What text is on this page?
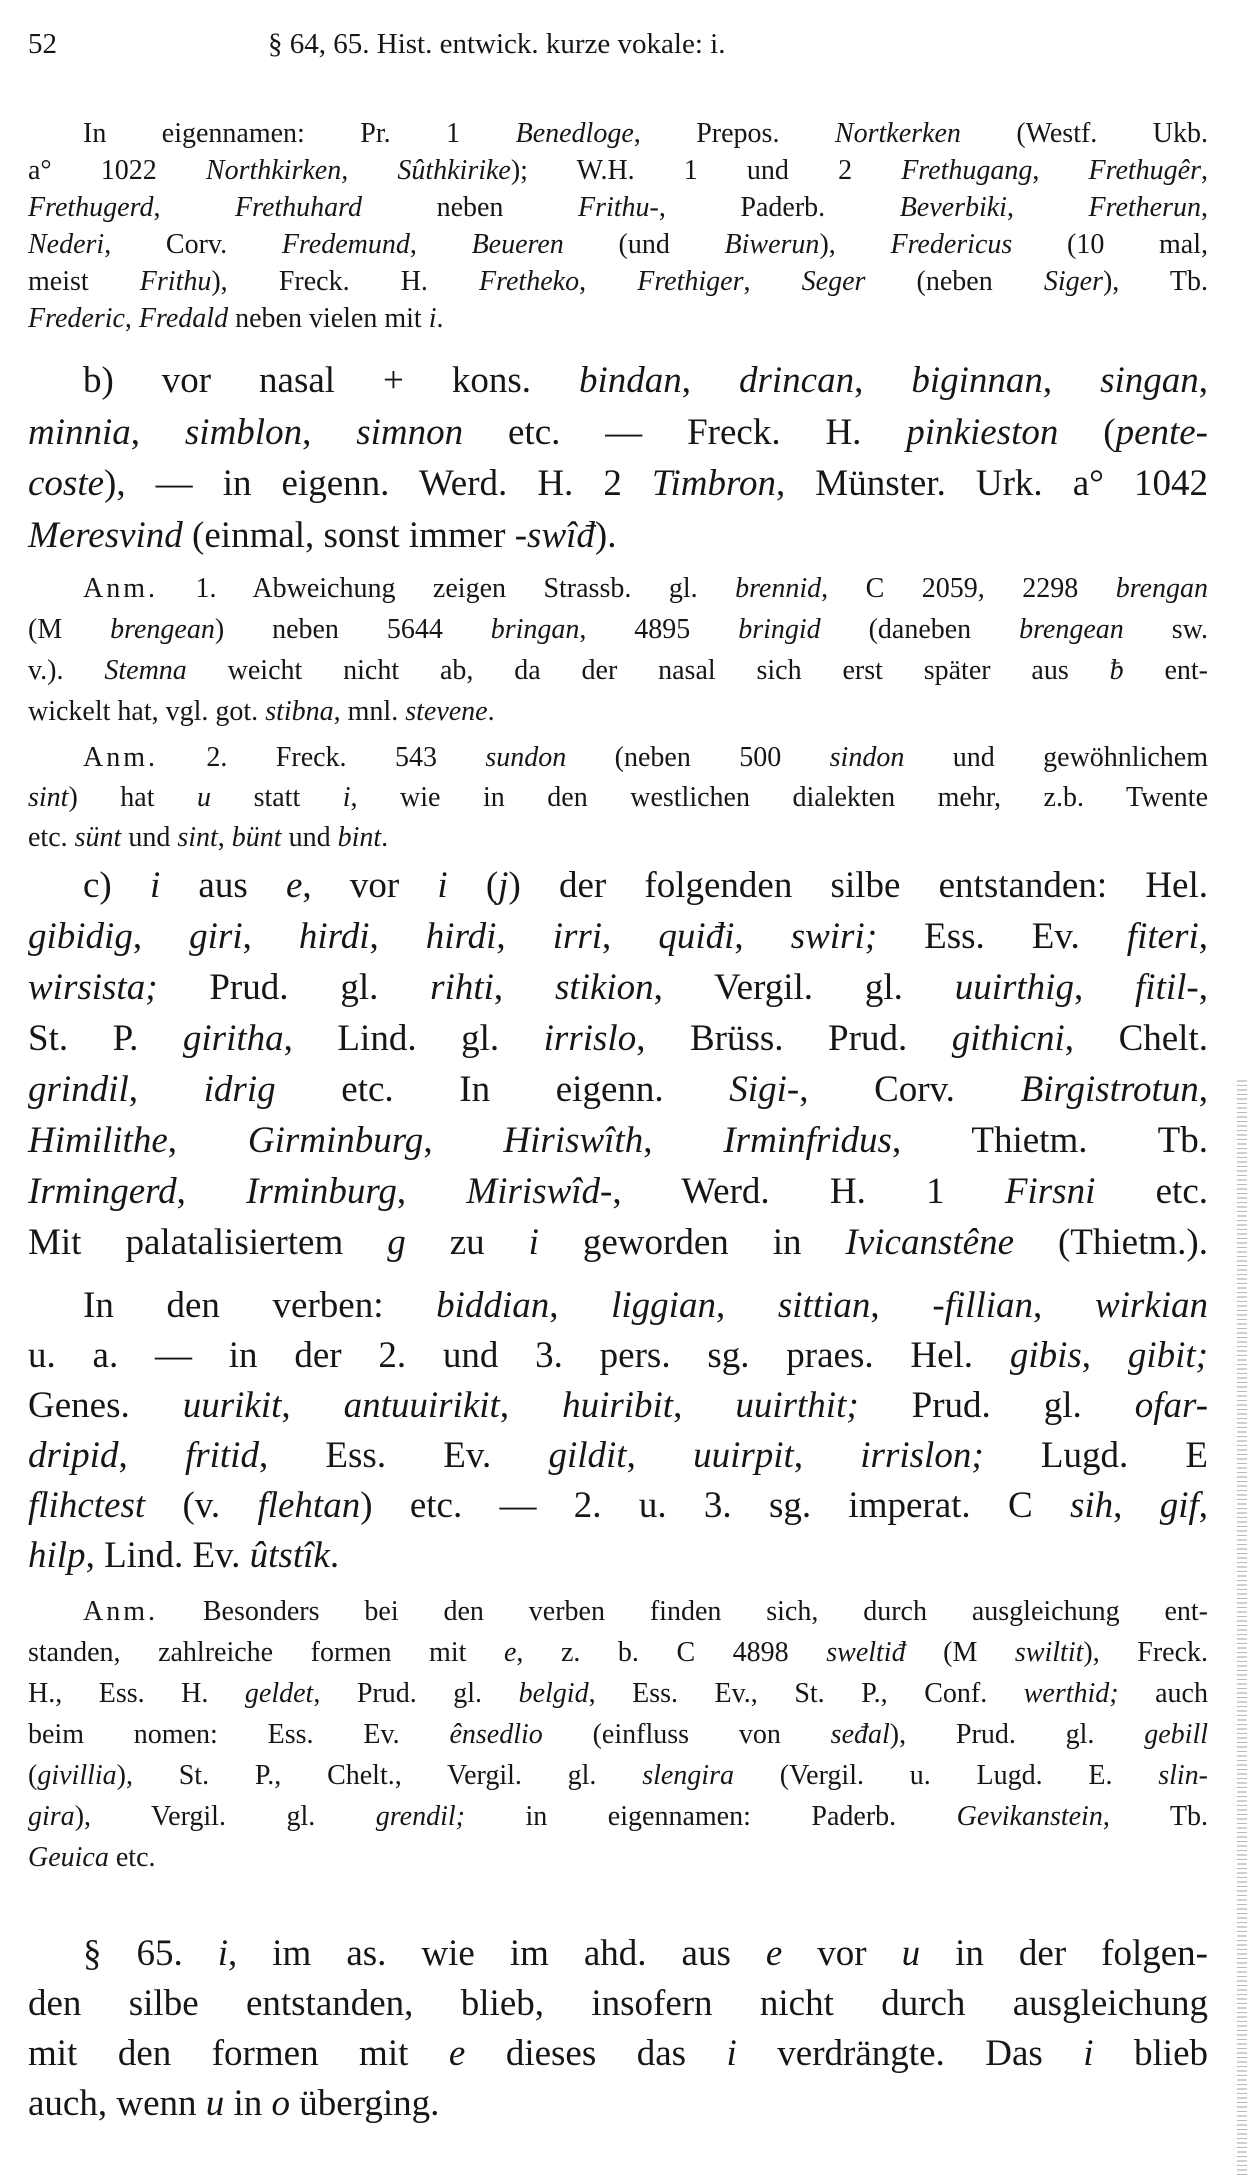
52	§ 64, 65. Hist. entwick. kurze vokale: i.
In eigennamen: Pr. 1 Benedloge, Prepos. Nortkerken (Westf. Ukb.
a° 1022 Northkirken, Sûthkirike); W.H. 1 und 2 Frethugang, Frethugêr,
Frethugerd, Frethuhard neben Frithu-, Paderb. Beverbiki, Fretherun,
Nederi, Corv. Fredemund, Beueren (und Biwerun), Fredericus (10 mal,
meist Frithu), Freck. H. Fretheko, Frethiger, Seger (neben Siger), Tb.
Frederic, Fredald neben vielen mit i.
b) vor nasal + kons. bindan, drincan, biginnan, singan,
minnia, simblon, simnon etc. — Freck. H. pinkieston (pente-
coste), — in eigenn. Werd. H. 2 Timbron, Münster. Urk. a° 1042
Meresvind (einmal, sonst immer -swîđ).
Anm. 1. Abweichung zeigen Strassb. gl. brennid, C 2059, 2298 brengan
(M brengean) neben 5644 bringan, 4895 bringid (daneben brengean sw.
v.). Stemna weicht nicht ab, da der nasal sich erst später aus ƀ ent-
wickelt hat, vgl. got. stibna, mnl. stevene.
Anm. 2. Freck. 543 sundon (neben 500 sindon und gewöhnlichem
sint) hat u statt i, wie in den westlichen dialekten mehr, z.b. Twente
etc. sünt und sint, bünt und bint.
c) i aus e, vor i (j) der folgenden silbe entstanden: Hel.
gibidig, giri, hirdi, hirdi, irri, quiđi, swiri; Ess. Ev. fiteri,
wirsista; Prud. gl. rihti, stikion, Vergil. gl. uuirthig, fitil-,
St. P. giritha, Lind. gl. irrislo, Brüss. Prud. githicni, Chelt.
grindil, idrig etc. In eigenn. Sigi-, Corv. Birgistrotun,
Himilithe, Girminburg, Hiriswîth, Irminfridus, Thietm. Tb.
Irmingerd, Irminburg, Miriswîd-, Werd. H. 1 Firsni etc.
Mit palatalisiertem g zu i geworden in Ivicanstêne (Thietm.).
In den verben: biddian, liggian, sittian, -fillian, wirkian
u. a. — in der 2. und 3. pers. sg. praes. Hel. gibis, gibit;
Genes. uurikit, antuuirikit, huiribit, uuirthit; Prud. gl. ofar-
dripid, fritid, Ess. Ev. gildit, uuirpit, irrislon; Lugd. E
flihctest (v. flehtan) etc. — 2. u. 3. sg. imperat. C sih, gif,
hilp, Lind. Ev. ûtstîk.
Anm. Besonders bei den verben finden sich, durch ausgleichung ent-
standen, zahlreiche formen mit e, z. b. C 4898 sweltiđ (M swiltit), Freck.
H., Ess. H. geldet, Prud. gl. belgid, Ess. Ev., St. P., Conf. werthid; auch
beim nomen: Ess. Ev. ênsedlio (einfluss von seđal), Prud. gl. gebill
(givillia), St. P., Chelt., Vergil. gl. slengira (Vergil. u. Lugd. E. slin-
gira), Vergil. gl. grendil; in eigennamen: Paderb. Gevikanstein, Tb.
Geuica etc.
§ 65. i, im as. wie im ahd. aus e vor u in der folgen-
den silbe entstanden, blieb, insofern nicht durch ausgleichung
mit den formen mit e dieses das i verdrängte. Das i blieb
auch, wenn u in o überging.
